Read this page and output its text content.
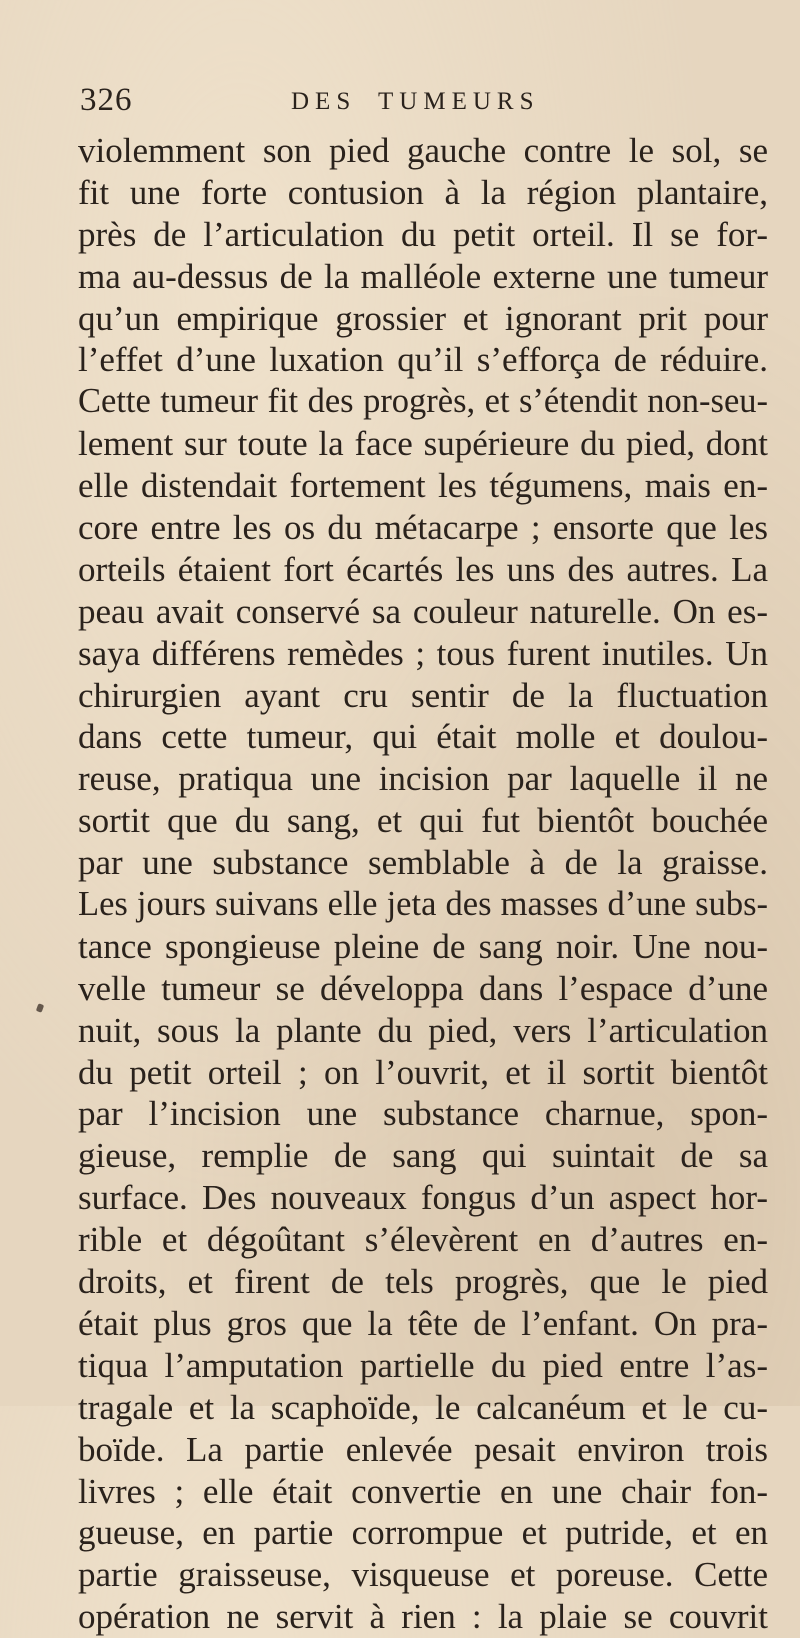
326	DES TUMEURS
violemment son pied gauche contre le sol, se
fit une forte contusion à la région plantaire,
près de l’articulation du petit orteil. Il se for-
ma au-dessus de la malléole externe une tumeur
qu’un empirique grossier et ignorant prit pour
l’effet d’une luxation qu’il s’efforça de réduire.
Cette tumeur fit des progrès, et s’étendit non-seu-
lement sur toute la face supérieure du pied, dont
elle distendait fortement les tégumens, mais en-
core entre les os du métacarpe ; ensorte que les
orteils étaient fort écartés les uns des autres. La
peau avait conservé sa couleur naturelle. On es-
saya différens remèdes ; tous furent inutiles. Un
chirurgien ayant cru sentir de la fluctuation
dans cette tumeur, qui était molle et doulou-
reuse, pratiqua une incision par laquelle il ne
sortit que du sang, et qui fut bientôt bouchée
par une substance semblable à de la graisse.
Les jours suivans elle jeta des masses d’une subs-
tance spongieuse pleine de sang noir. Une nou-
velle tumeur se développa dans l’espace d’une
nuit, sous la plante du pied, vers l’articulation
du petit orteil ; on l’ouvrit, et il sortit bientôt
par l’incision une substance charnue, spon-
gieuse, remplie de sang qui suintait de sa
surface. Des nouveaux fongus d’un aspect hor-
rible et dégoûtant s’élevèrent en d’autres en-
droits, et firent de tels progrès, que le pied
était plus gros que la tête de l’enfant. On pra-
tiqua l’amputation partielle du pied entre l’as-
tragale et la scaphoïde, le calcanéum et le cu-
boïde. La partie enlevée pesait environ trois
livres ; elle était convertie en une chair fon-
gueuse, en partie corrompue et putride, et en
partie graisseuse, visqueuse et poreuse. Cette
opération ne servit à rien : la plaie se couvrit
